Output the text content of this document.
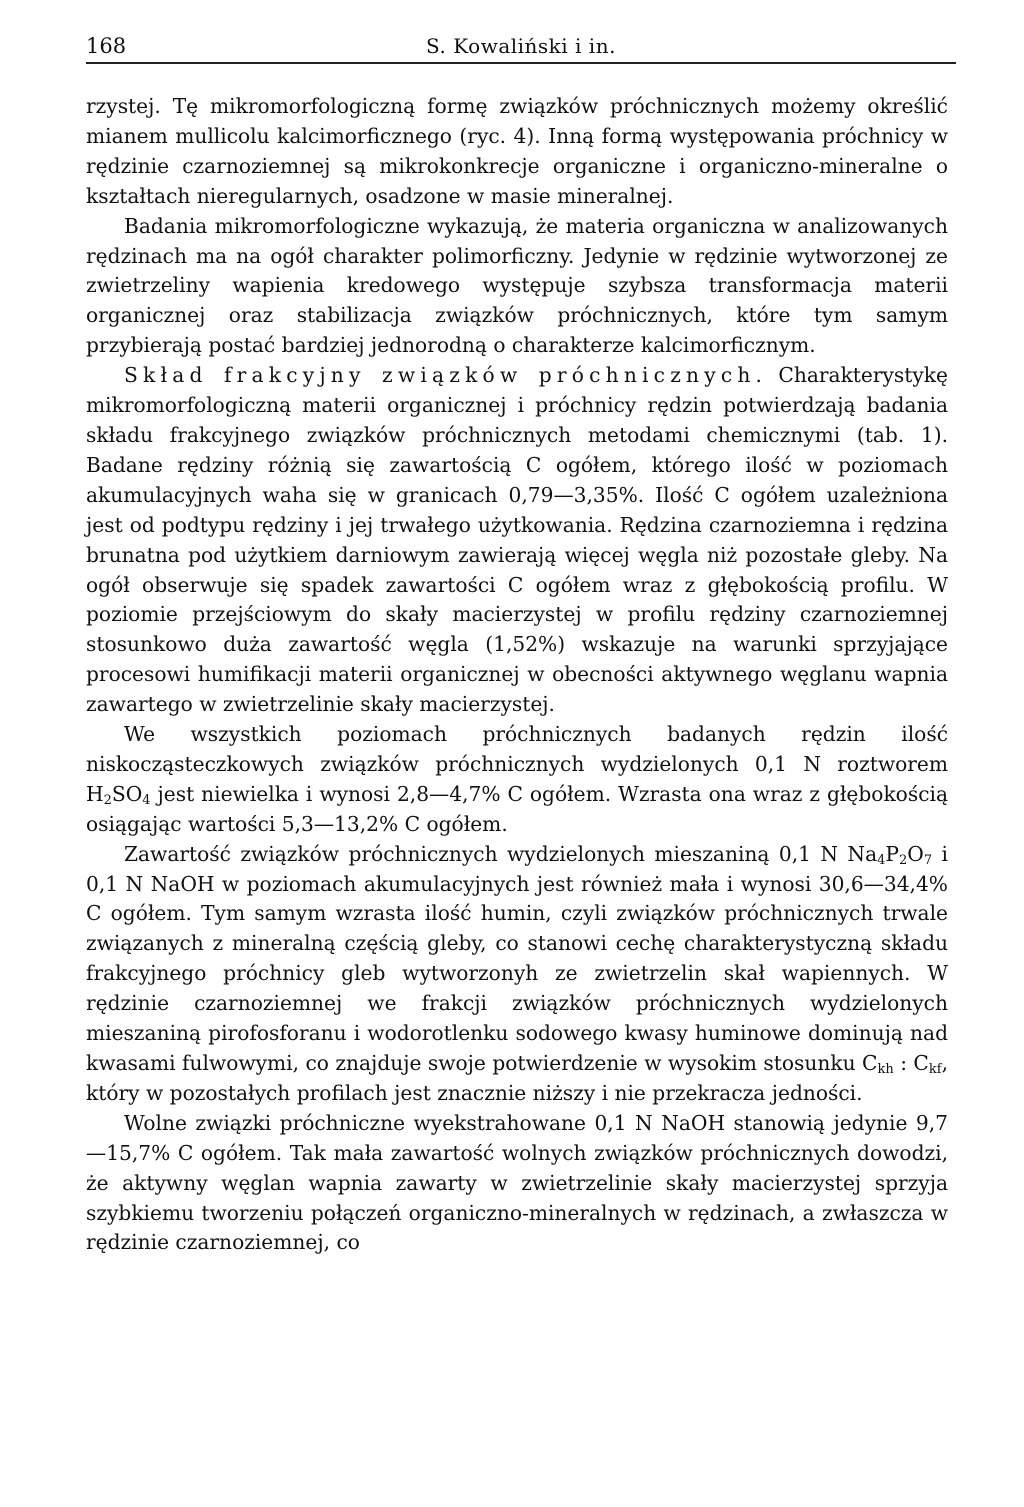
168	S. Kowaliński i in.

rzystej. Tę mikromorfologiczną formę związków próchnicznych możemy określić mianem mullicolu kalcimorficznego (ryc. 4). Inną formą występowania próchnicy w rędzinie czarnoziemnej są mikrokonkrecje organiczne i organiczno-mineralne o kształtach nieregularnych, osadzone w masie mineralnej.

Badania mikromorfologiczne wykazują, że materia organiczna w analizowanych rędzinach ma na ogół charakter polimorficzny. Jedynie w rędzinie wytworzonej ze zwietrzeliny wapienia kredowego występuje szybsza transformacja materii organicznej oraz stabilizacja związków próchnicznych, które tym samym przybierają postać bardziej jednorodną o charakterze kalcimorficznym.

Skład frakcyjny związków próchnicznych. Charakterystykę mikromorfologiczną materii organicznej i próchnicy rędzin potwierdzają badania składu frakcyjnego związków próchnicznych metodami chemicznymi (tab. 1). Badane rędziny różnią się zawartością C ogółem, którego ilość w poziomach akumulacyjnych waha się w granicach 0,79—3,35%. Ilość C ogółem uzależniona jest od podtypu rędziny i jej trwałego użytkowania. Rędzina czarnoziemna i rędzina brunatna pod użytkiem darniowym zawierają więcej węgla niż pozostałe gleby. Na ogół obserwuje się spadek zawartości C ogółem wraz z głębokością profilu. W poziomie przejściowym do skały macierzystej w profilu rędziny czarnoziemnej stosunkowo duża zawartość węgla (1,52%) wskazuje na warunki sprzyjające procesowi humifikacji materii organicznej w obecności aktywnego węglanu wapnia zawartego w zwietrzelinie skały macierzystej.

We wszystkich poziomach próchnicznych badanych rędzin ilość niskocząsteczkowych związków próchnicznych wydzielonych 0,1 N roztworem $H_2SO_4$ jest niewielka i wynosi 2,8—4,7% C ogółem. Wzrasta ona wraz z głębokością osiągając wartości 5,3—13,2% C ogółem.

Zawartość związków próchnicznych wydzielonych mieszaniną 0,1 N $Na_4P_2O_7$ i 0,1 N NaOH w poziomach akumulacyjnych jest również mała i wynosi 30,6—34,4% C ogółem. Tym samym wzrasta ilość humin, czyli związków próchnicznych trwale związanych z mineralną częścią gleby, co stanowi cechę charakterystyczną składu frakcyjnego próchnicy gleb wytworzonyh ze zwietrzelin skał wapiennych. W rędzinie czarnoziemnej we frakcji związków próchnicznych wydzielonych mieszaniną pirofosforanu i wodorotlenku sodowego kwasy huminowe dominują nad kwasami fulwowymi, co znajduje swoje potwierdzenie w wysokim stosunku $C_{kh}$ : $C_{kf}$, który w pozostałych profilach jest znacznie niższy i nie przekracza jedności.

Wolne związki próchniczne wyekstrahowane 0,1 N NaOH stanowią jedynie 9,7—15,7% C ogółem. Tak mała zawartość wolnych związków próchnicznych dowodzi, że aktywny węglan wapnia zawarty w zwietrzelinie skały macierzystej sprzyja szybkiemu tworzeniu połączeń organiczno-mineralnych w rędzinach, a zwłaszcza w rędzinie czarnoziemnej, co
